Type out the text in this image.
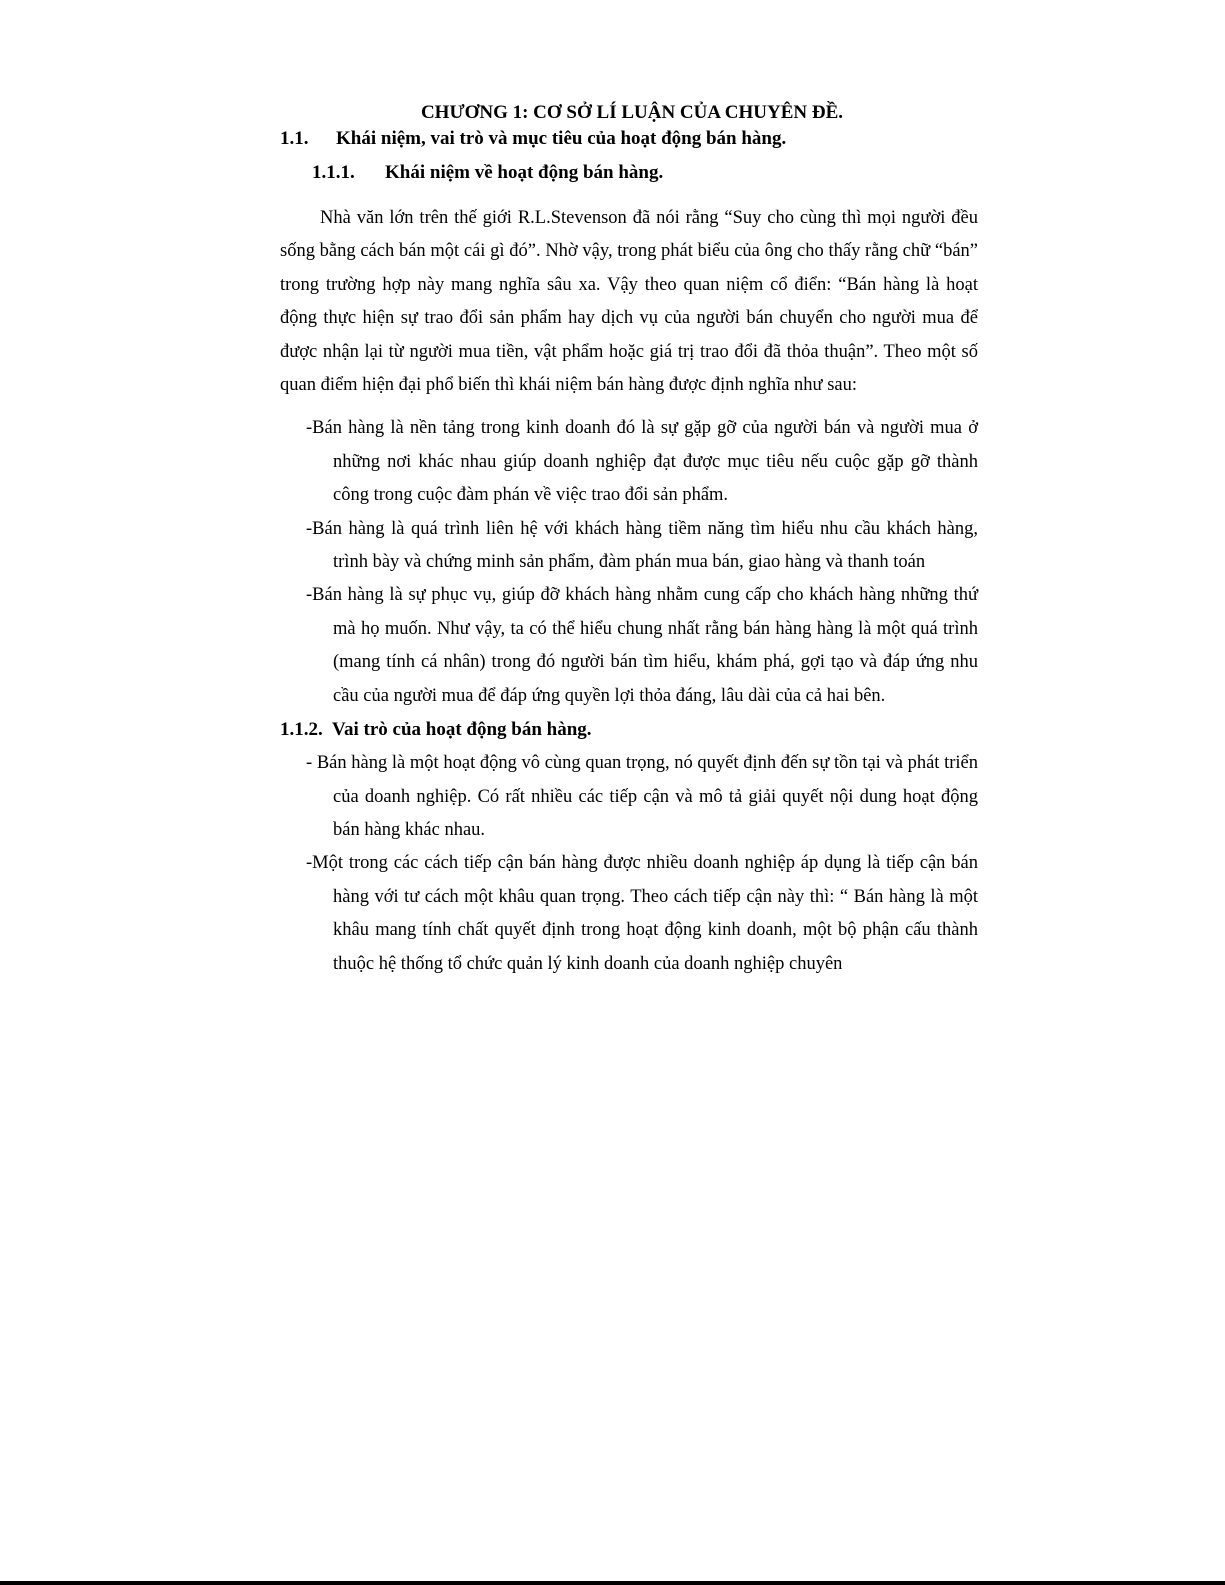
CHƯƠNG 1: CƠ SỞ LÍ LUẬN CỦA CHUYÊN ĐỀ.
1.1.	Khái niệm, vai trò và mục tiêu của hoạt động bán hàng.
1.1.1.	Khái niệm về hoạt động bán hàng.

Nhà văn lớn trên thế giới R.L.Stevenson đã nói rằng “Suy cho cùng thì mọi người đều sống bằng cách bán một cái gì đó”. Nhờ vậy, trong phát biểu của ông cho thấy rằng chữ “bán” trong trường hợp này mang nghĩa sâu xa. Vậy theo quan niệm cổ điển: “Bán hàng là hoạt động thực hiện sự trao đổi sản phẩm hay dịch vụ của người bán chuyển cho người mua để được nhận lại từ người mua tiền, vật phẩm hoặc giá trị trao đổi đã thỏa thuận”. Theo một số quan điểm hiện đại phổ biến thì khái niệm bán hàng được định nghĩa như sau:

-Bán hàng là nền tảng trong kinh doanh đó là sự gặp gỡ của người bán và người mua ở những nơi khác nhau giúp doanh nghiệp đạt được mục tiêu nếu cuộc gặp gỡ thành công trong cuộc đàm phán về việc trao đổi sản phẩm.
-Bán hàng là quá trình liên hệ với khách hàng tiềm năng tìm hiểu nhu cầu khách hàng, trình bày và chứng minh sản phẩm, đàm phán mua bán, giao hàng và thanh toán
-Bán hàng là sự phục vụ, giúp đỡ khách hàng nhằm cung cấp cho khách hàng những thứ mà họ muốn. Như vậy, ta có thể hiểu chung nhất rằng bán hàng hàng là một quá trình (mang tính cá nhân) trong đó người bán tìm hiểu, khám phá, gợi tạo và đáp ứng nhu cầu của người mua để đáp ứng quyền lợi thỏa đáng, lâu dài của cả hai bên.
1.1.2. Vai trò của hoạt động bán hàng.
- Bán hàng là một hoạt động vô cùng quan trọng, nó quyết định đến sự tồn tại và phát triển của doanh nghiệp. Có rất nhiều các tiếp cận và mô tả giải quyết nội dung hoạt động bán hàng khác nhau.
-Một trong các cách tiếp cận bán hàng được nhiều doanh nghiệp áp dụng là tiếp cận bán hàng với tư cách một khâu quan trọng. Theo cách tiếp cận này thì: “ Bán hàng là một khâu mang tính chất quyết định trong hoạt động kinh doanh, một bộ phận cấu thành thuộc hệ thống tổ chức quản lý kinh doanh của doanh nghiệp chuyên
